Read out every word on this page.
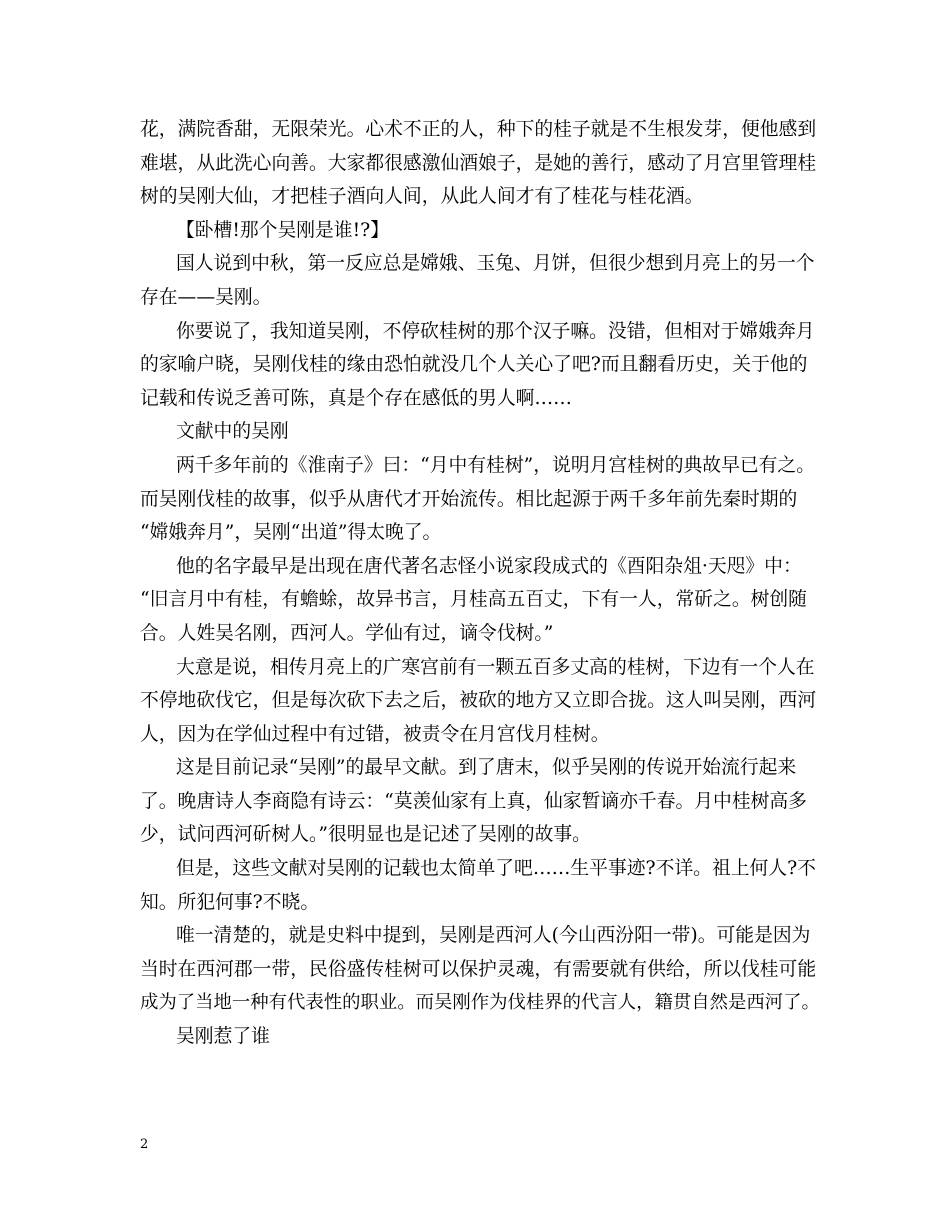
花，满院香甜，无限荣光。心术不正的人，种下的桂子就是不生根发芽，便他感到
难堪，从此洗心向善。大家都很感激仙酒娘子，是她的善行，感动了月宫里管理桂
树的吴刚大仙，才把桂子酒向人间，从此人间才有了桂花与桂花酒。
【卧槽!那个吴刚是谁!?】
国人说到中秋，第一反应总是嫦娥、玉兔、月饼，但很少想到月亮上的另一个
存在——吴刚。
你要说了，我知道吴刚，不停砍桂树的那个汉子嘛。没错，但相对于嫦娥奔月
的家喻户晓，吴刚伐桂的缘由恐怕就没几个人关心了吧?而且翻看历史，关于他的
记载和传说乏善可陈，真是个存在感低的男人啊……
文献中的吴刚
两千多年前的《淮南子》曰：“月中有桂树”，说明月宫桂树的典故早已有之。
而吴刚伐桂的故事，似乎从唐代才开始流传。相比起源于两千多年前先秦时期的
“嫦娥奔月”，吴刚“出道”得太晚了。
他的名字最早是出现在唐代著名志怪小说家段成式的《酉阳杂俎·天咫》中：
“旧言月中有桂，有蟾蜍，故异书言，月桂高五百丈，下有一人，常斫之。树创随
合。人姓吴名刚，西河人。学仙有过，谪令伐树。”
大意是说，相传月亮上的广寒宫前有一颗五百多丈高的桂树，下边有一个人在
不停地砍伐它，但是每次砍下去之后，被砍的地方又立即合拢。这人叫吴刚，西河
人，因为在学仙过程中有过错，被责令在月宫伐月桂树。
这是目前记录“吴刚”的最早文献。到了唐末，似乎吴刚的传说开始流行起来
了。晚唐诗人李商隐有诗云：“莫羡仙家有上真，仙家暂谪亦千春。月中桂树高多
少，试问西河斫树人。”很明显也是记述了吴刚的故事。
但是，这些文献对吴刚的记载也太简单了吧……生平事迹?不详。祖上何人?不
知。所犯何事?不晓。
唯一清楚的，就是史料中提到，吴刚是西河人(今山西汾阳一带)。可能是因为
当时在西河郡一带，民俗盛传桂树可以保护灵魂，有需要就有供给，所以伐桂可能
成为了当地一种有代表性的职业。而吴刚作为伐桂界的代言人，籍贯自然是西河了。
吴刚惹了谁
2
